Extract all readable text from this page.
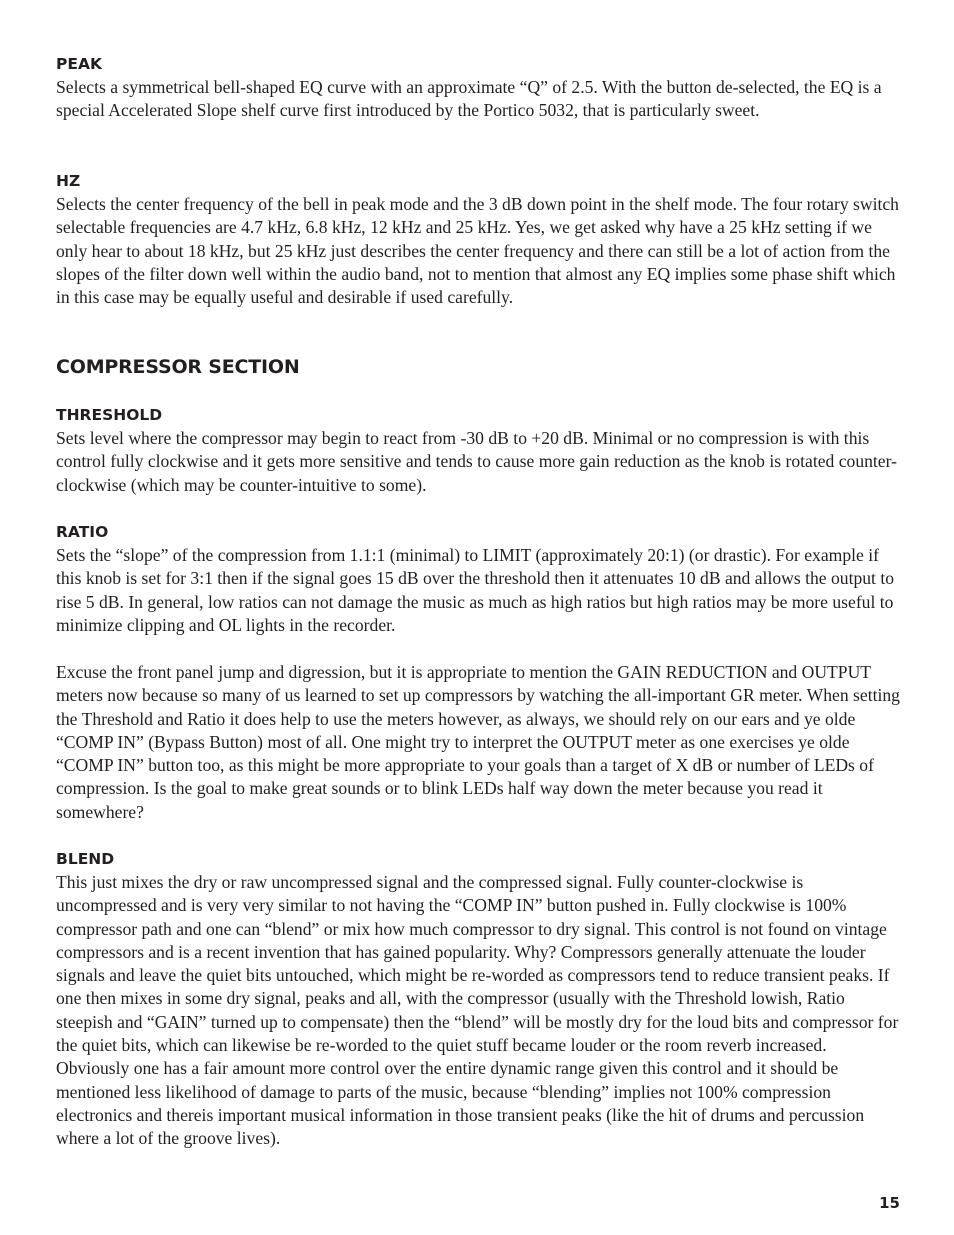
PEAK

Selects a symmetrical bell-shaped EQ curve with an approximate “Q” of 2.5. With the button de-selected, the EQ is a special Accelerated Slope shelf curve first introduced by the Portico 5032, that is particularly sweet.

HZ

Selects the center frequency of the bell in peak mode and the 3 dB down point in the shelf mode. The four rotary switch selectable frequencies are 4.7 kHz, 6.8 kHz, 12 kHz and 25 kHz. Yes, we get asked why have a 25 kHz setting if we only hear to about 18 kHz, but 25 kHz just describes the center frequency and there can still be a lot of action from the slopes of the filter down well within the audio band, not to mention that almost any EQ implies some phase shift which in this case may be equally useful and desirable if used carefully.

COMPRESSOR SECTION
THRESHOLD

Sets level where the compressor may begin to react from -30 dB to +20 dB. Minimal or no compression is with this control fully clockwise and it gets more sensitive and tends to cause more gain reduction as the knob is rotated counter-clockwise (which may be counter-intuitive to some).

RATIO

Sets the “slope” of the compression from 1.1:1 (minimal) to LIMIT (approximately 20:1) (or drastic). For example if this knob is set for 3:1 then if the signal goes 15 dB over the threshold then it attenuates 10 dB and allows the output to rise 5 dB. In general, low ratios can not damage the music as much as high ratios but high ratios may be more useful to minimize clipping and OL lights in the recorder.

Excuse the front panel jump and digression, but it is appropriate to mention the GAIN REDUCTION and OUTPUT meters now because so many of us learned to set up compressors by watching the all-important GR meter. When setting the Threshold and Ratio it does help to use the meters however, as always, we should rely on our ears and ye olde “COMP IN” (Bypass Button) most of all. One might try to interpret the OUTPUT meter as one exercises ye olde “COMP IN” button too, as this might be more appropriate to your goals than a target of X dB or number of LEDs of compression. Is the goal to make great sounds or to blink LEDs half way down the meter because you read it somewhere?

BLEND

This just mixes the dry or raw uncompressed signal and the compressed signal. Fully counter-clockwise is uncompressed and is very very similar to not having the “COMP IN” button pushed in. Fully clockwise is 100% compressor path and one can “blend” or mix how much compressor to dry signal. This control is not found on vintage compressors and is a recent invention that has gained popularity. Why? Compressors generally attenuate the louder signals and leave the quiet bits untouched, which might be re-worded as compressors tend to reduce transient peaks. If one then mixes in some dry signal, peaks and all, with the compressor (usually with the Threshold lowish, Ratio steepish and “GAIN” turned up to compensate) then the “blend” will be mostly dry for the loud bits and compressor for the quiet bits, which can likewise be re-worded to the quiet stuff became louder or the room reverb increased. Obviously one has a fair amount more control over the entire dynamic range given this control and it should be mentioned less likelihood of damage to parts of the music, because “blending” implies not 100% compression electronics and thereis important musical information in those transient peaks (like the hit of drums and percussion where a lot of the groove lives).

15
